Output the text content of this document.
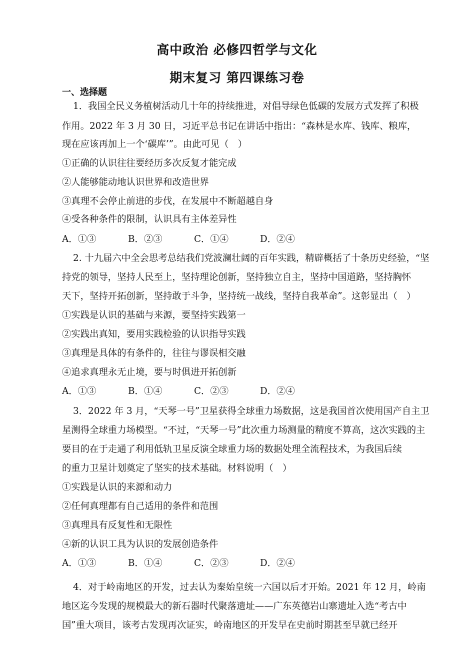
高中政治 必修四哲学与文化
期末复习 第四课练习卷
一、选择题
1．我国全民义务植树活动几十年的持续推进，对倡导绿色低碳的发展方式发挥了积极
作用。2022 年 3 月 30 日，习近平总书记在讲话中指出：“森林是水库、钱库、粮库，
现在应该再加上一个‘碳库’”。由此可见（　）
①正确的认识往往要经历多次反复才能完成
②人能够能动地认识世界和改造世界
③真理不会停止前进的步伐，在发展中不断超越自身
④受各种条件的限制，认识具有主体差异性
A．①③	B．②③	C．①④	D．②④
2. 十九届六中全会思考总结我们党波澜壮阔的百年实践，精辟概括了十条历史经验，“坚
持党的领导，坚持人民至上，坚持理论创新，坚持独立自主，坚持中国道路，坚持胸怀
天下，坚持开拓创新，坚持敢于斗争，坚持统一战线，坚持自我革命”。这彰显出（　）
①实践是认识的基础与来源，要坚持实践第一
②实践出真知，要用实践检验的认识指导实践
③真理是具体的有条件的，往往与谬误相交融
④追求真理永无止境，要与时俱进开拓创新
A．①③	B．①④	C．②③	D．②④
3．2022 年 3 月，“天琴一号”卫星获得全球重力场数据，这是我国首次使用国产自主卫
星测得全球重力场模型。“不过，“天琴一号”此次重力场测量的精度不算高，这次实践的主
要目的在于走通了利用低轨卫星反演全球重力场的数据处理全流程技术，为我国后续
的重力卫星计划奠定了坚实的技术基础。材料说明（　）
①实践是认识的来源和动力
②任何真理都有自己适用的条件和范围
③真理具有反复性和无限性
④新的认识工具为认识的发展创造条件
A．①③	B．①④	C．②③	D．②④
4．对于岭南地区的开发，过去认为秦始皇统一六国以后才开始。2021 年 12 月，岭南
地区迄今发现的规模最大的新石器时代聚落遗址——广东英德岩山寨遗址入选“考古中
国”重大项目，该考古发现再次证实，岭南地区的开发早在史前时期甚至早就已经开
